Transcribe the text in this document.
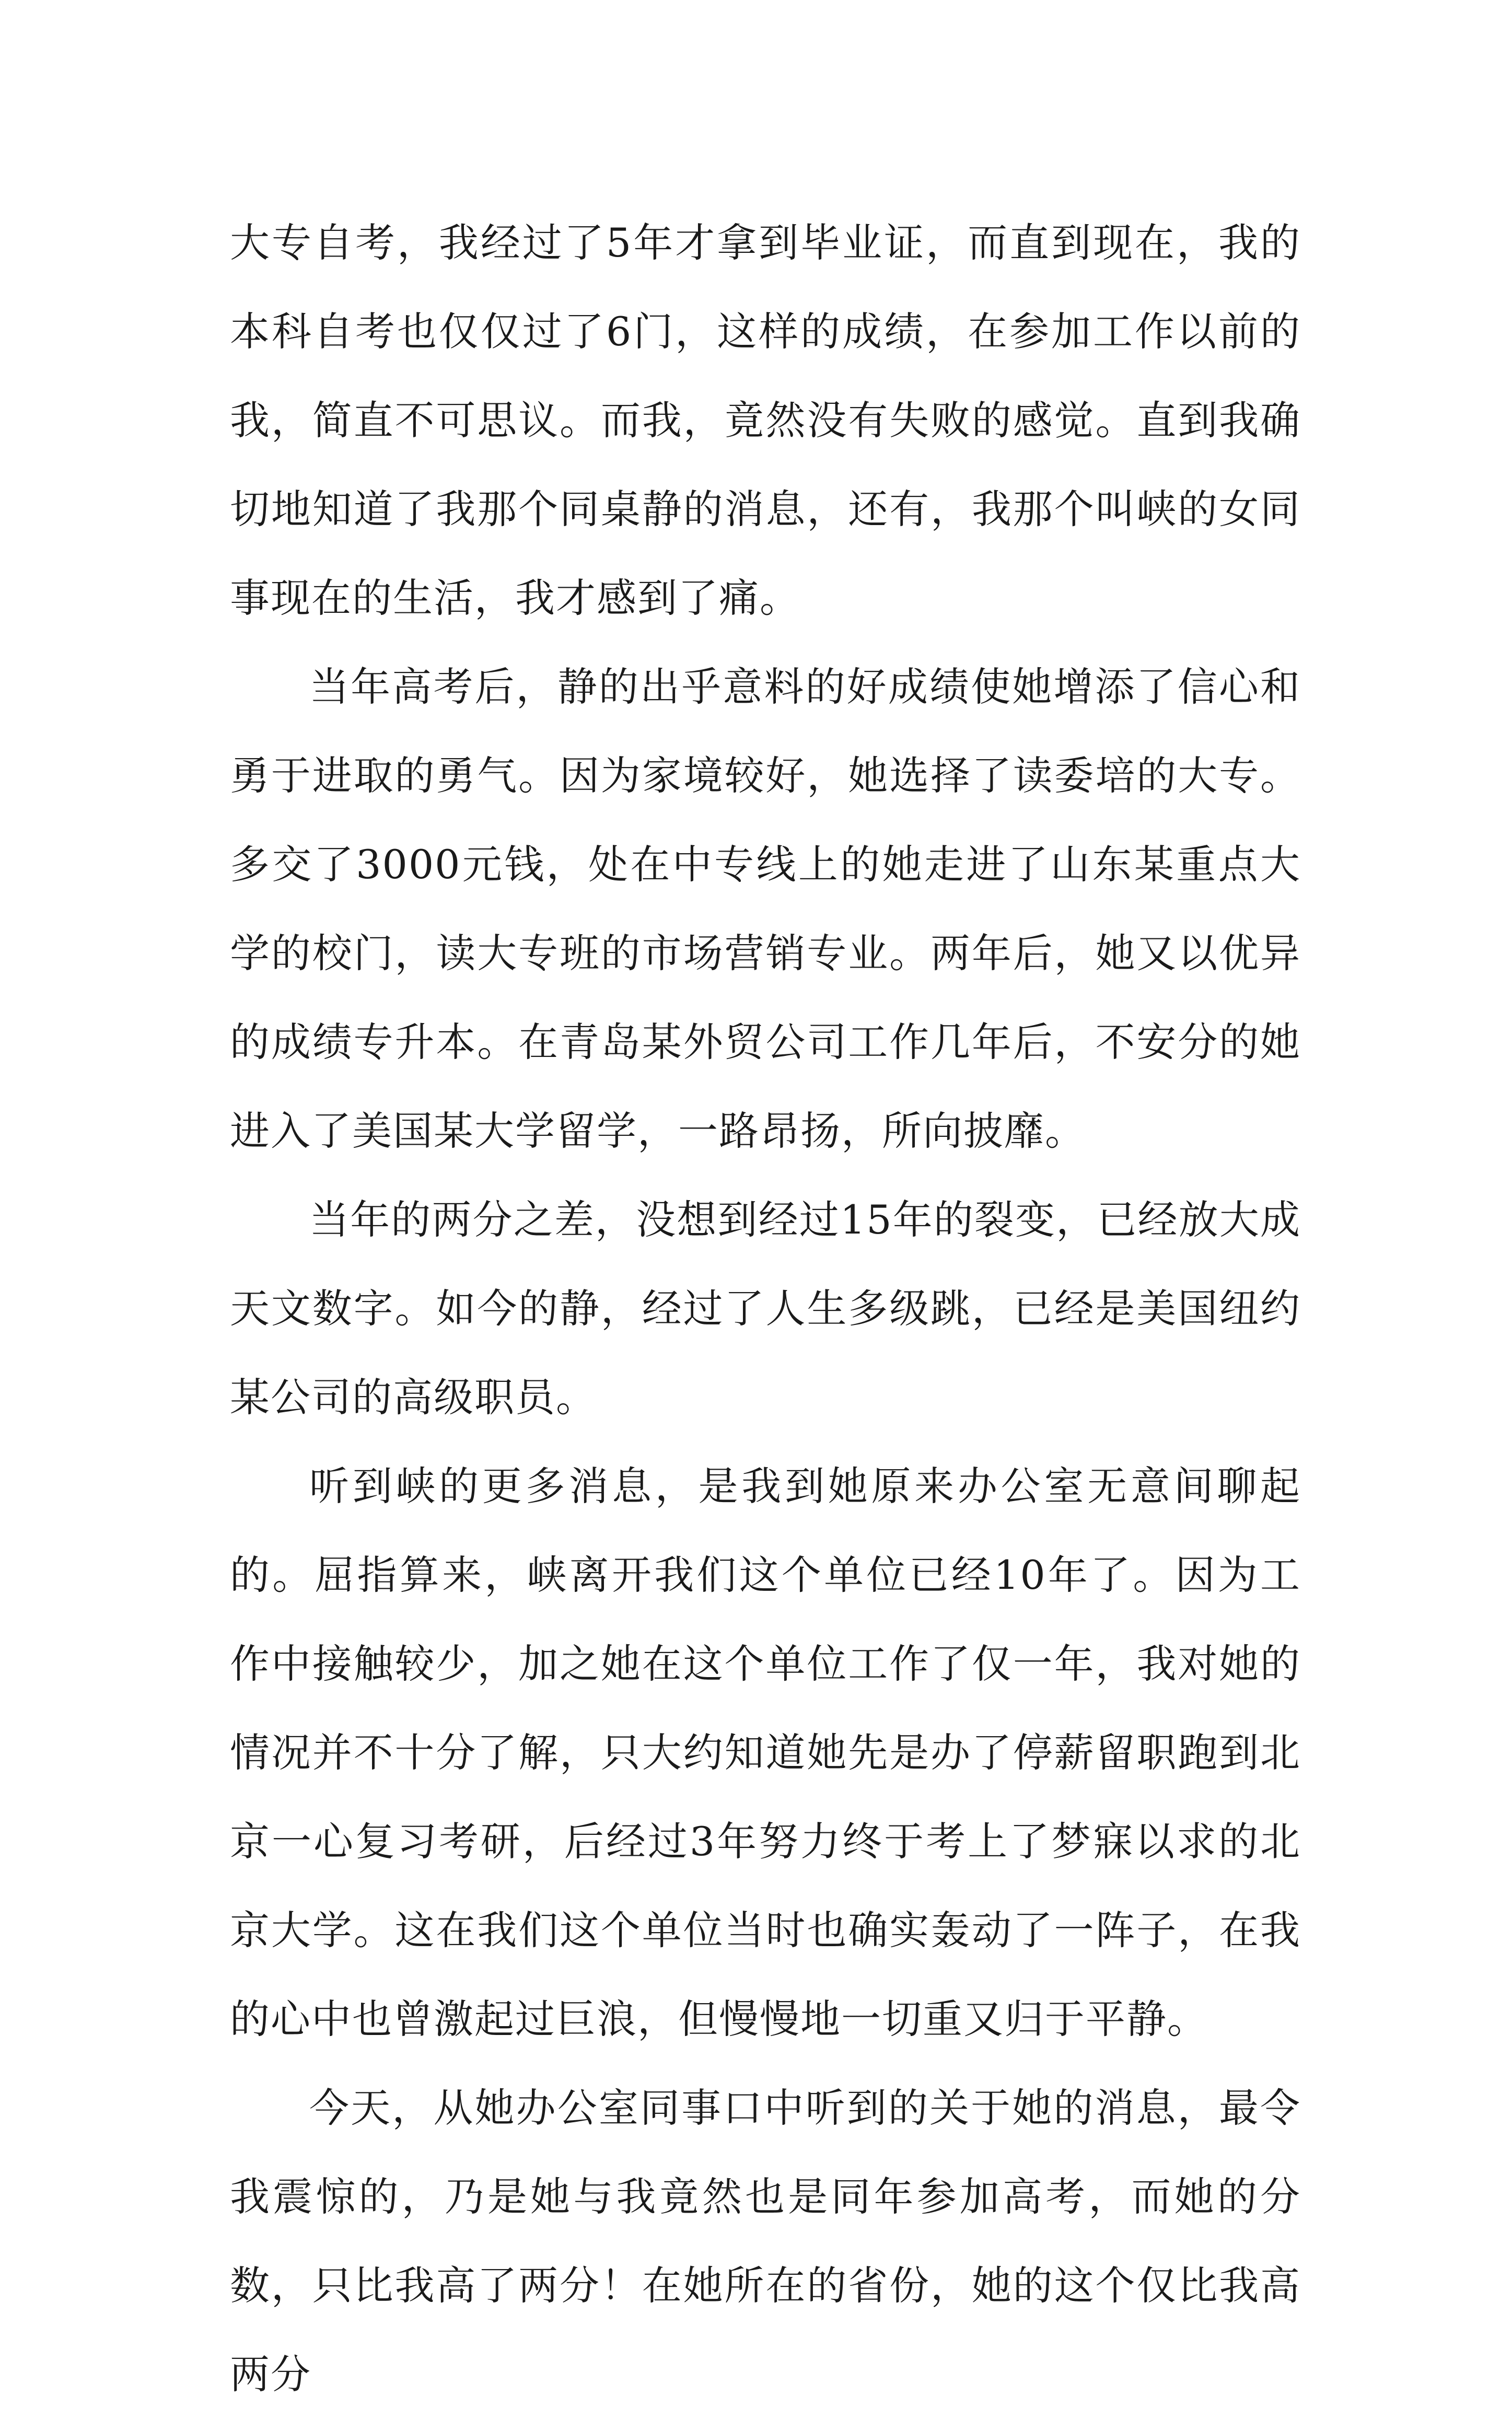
大专自考，我经过了5年才拿到毕业证，而直到现在，我的本科自考也仅仅过了6门，这样的成绩，在参加工作以前的我，简直不可思议。而我，竟然没有失败的感觉。直到我确切地知道了我那个同桌静的消息，还有，我那个叫峡的女同事现在的生活，我才感到了痛。

当年高考后，静的出乎意料的好成绩使她增添了信心和勇于进取的勇气。因为家境较好，她选择了读委培的大专。多交了3000元钱，处在中专线上的她走进了山东某重点大学的校门，读大专班的市场营销专业。两年后，她又以优异的成绩专升本。在青岛某外贸公司工作几年后，不安分的她进入了美国某大学留学，一路昂扬，所向披靡。

当年的两分之差，没想到经过15年的裂变，已经放大成天文数字。如今的静，经过了人生多级跳，已经是美国纽约某公司的高级职员。

听到峡的更多消息，是我到她原来办公室无意间聊起的。屈指算来，峡离开我们这个单位已经10年了。因为工作中接触较少，加之她在这个单位工作了仅一年，我对她的情况并不十分了解，只大约知道她先是办了停薪留职跑到北京一心复习考研，后经过3年努力终于考上了梦寐以求的北京大学。这在我们这个单位当时也确实轰动了一阵子，在我的心中也曾激起过巨浪，但慢慢地一切重又归于平静。

今天，从她办公室同事口中听到的关于她的消息，最令我震惊的，乃是她与我竟然也是同年参加高考，而她的分数，只比我高了两分！在她所在的省份，她的这个仅比我高两分
